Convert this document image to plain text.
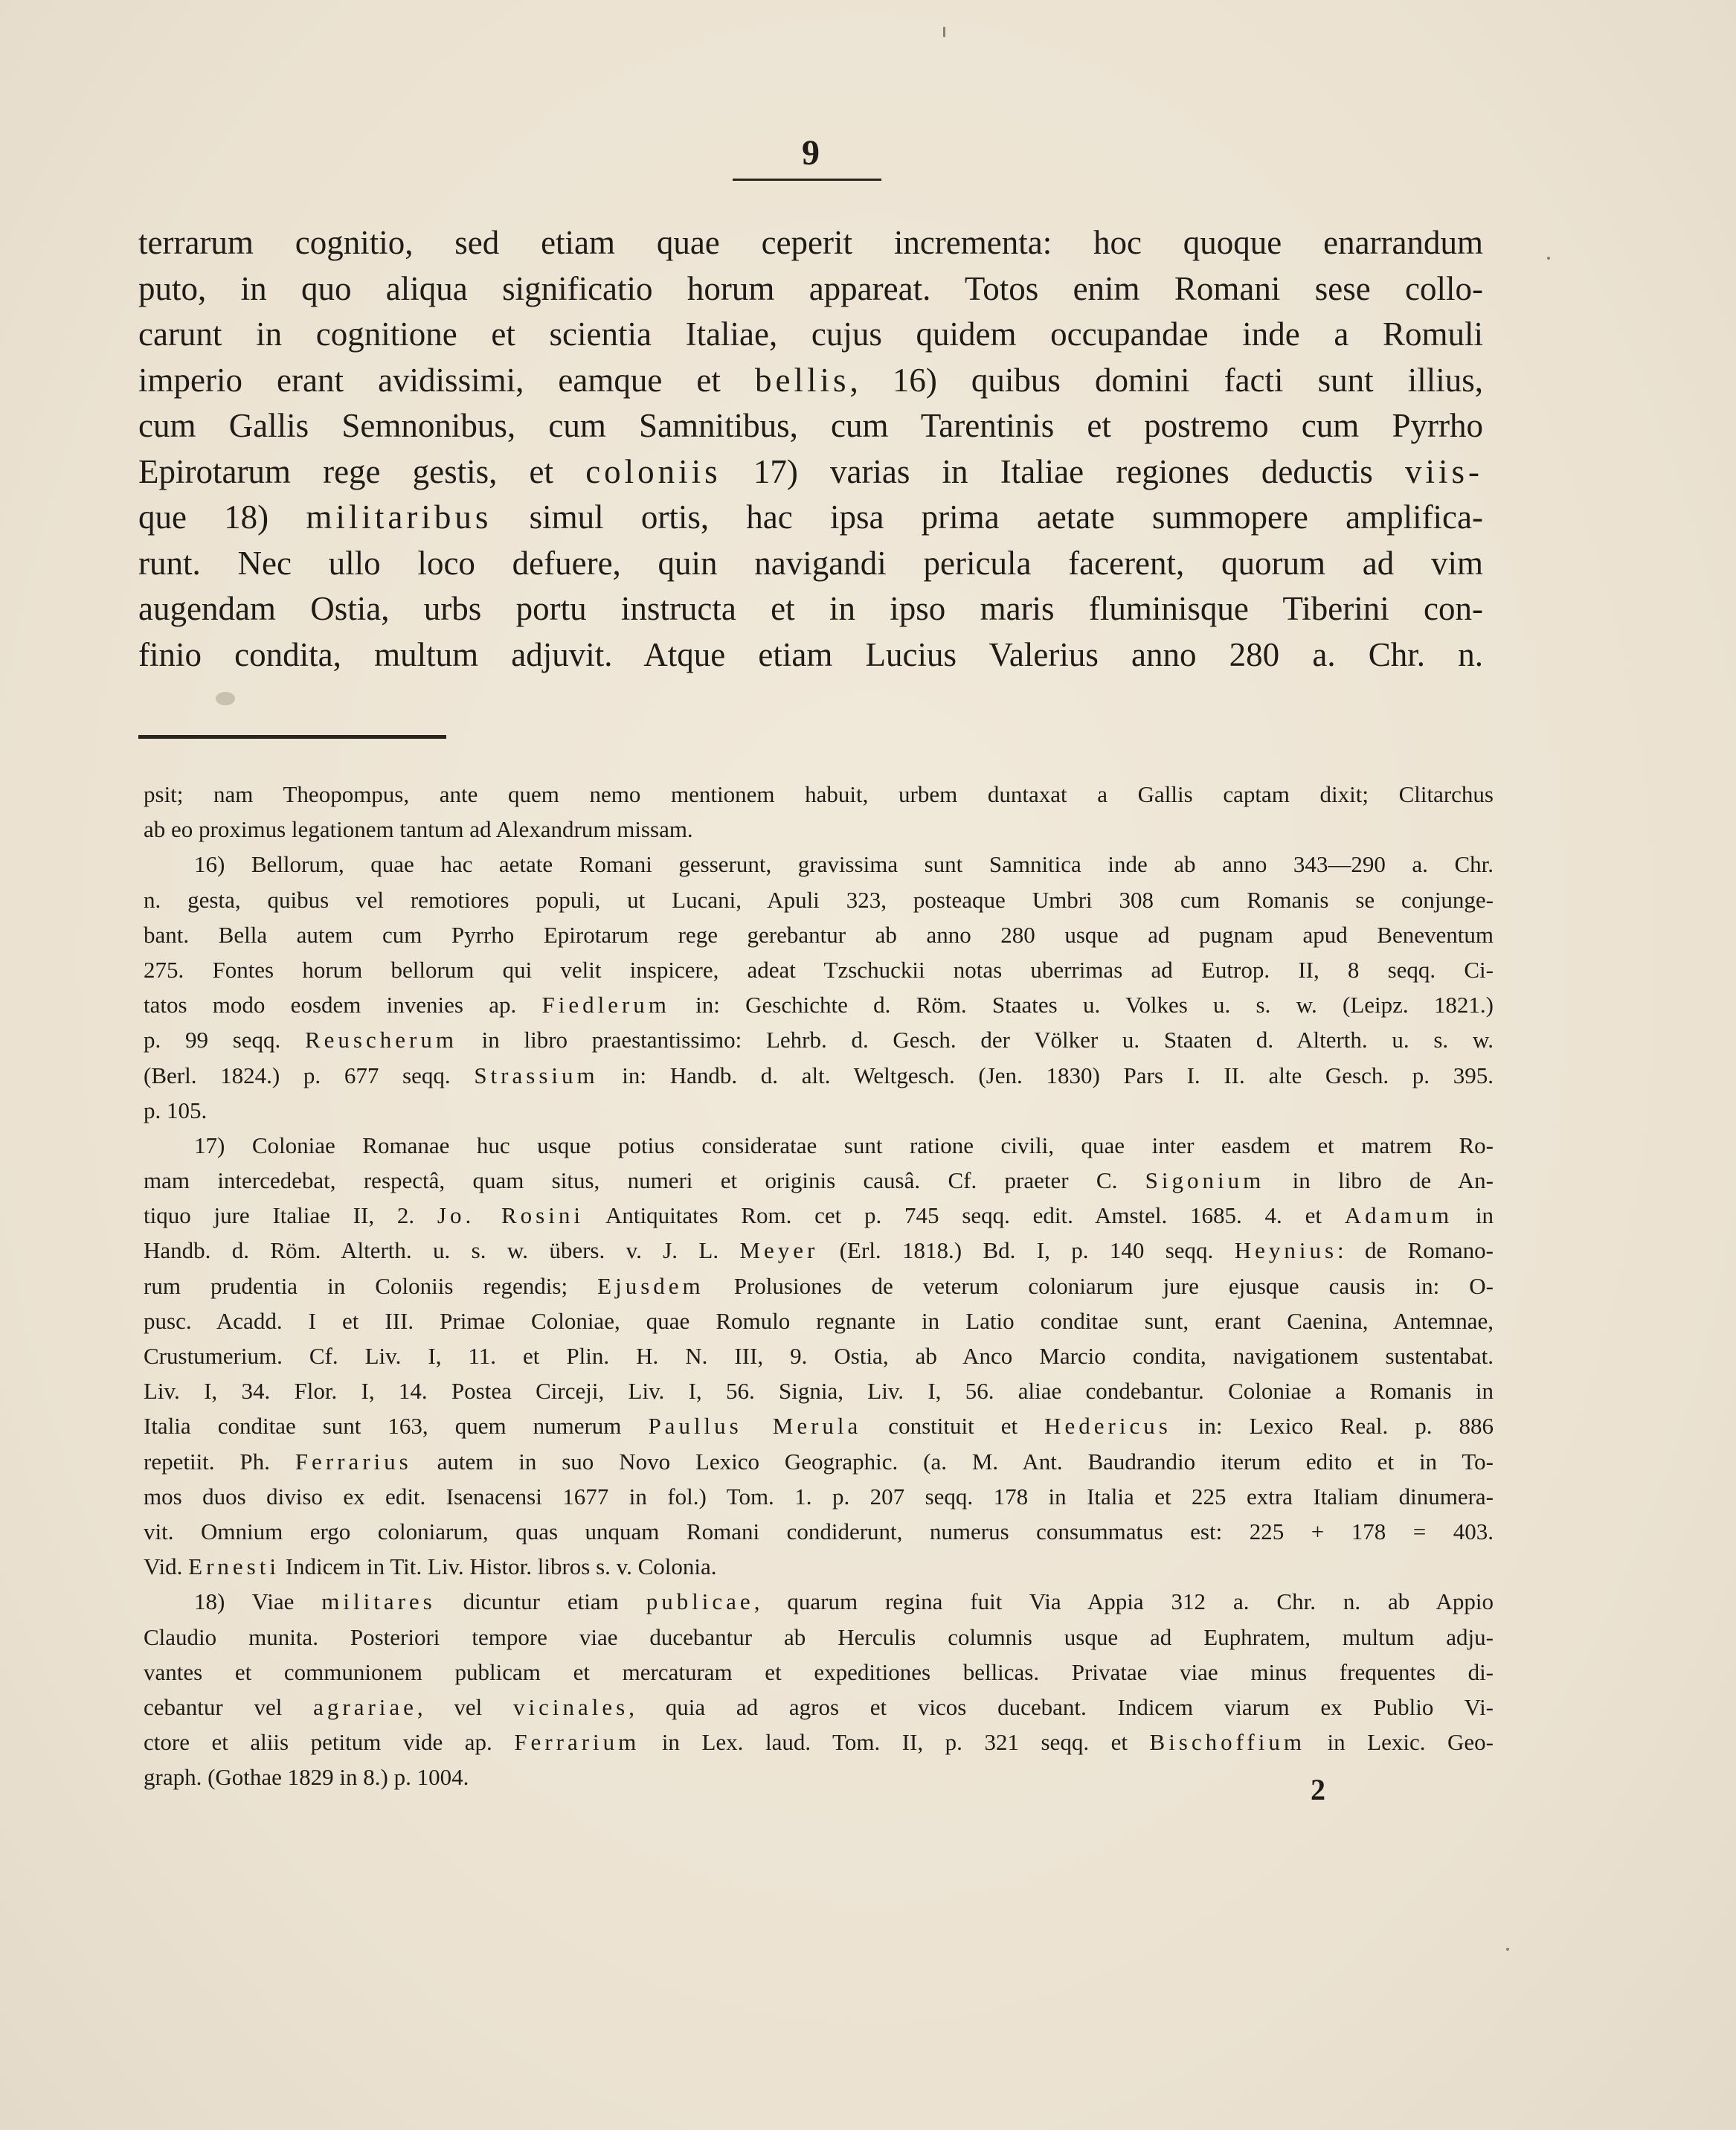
9
terrarum cognitio, sed etiam quae ceperit incrementa: hoc quoque enarrandum
puto, in quo aliqua significatio horum appareat. Totos enim Romani sese collo-
carunt in cognitione et scientia Italiae, cujus quidem occupandae inde a Romuli
imperio erant avidissimi, eamque et bellis, 16) quibus domini facti sunt illius,
cum Gallis Semnonibus, cum Samnitibus, cum Tarentinis et postremo cum Pyrrho
Epirotarum rege gestis, et coloniis 17) varias in Italiae regiones deductis viis-
que 18) militaribus simul ortis, hac ipsa prima aetate summopere amplifica-
runt. Nec ullo loco defuere, quin navigandi pericula facerent, quorum ad vim
augendam Ostia, urbs portu instructa et in ipso maris fluminisque Tiberini con-
finio condita, multum adjuvit. Atque etiam Lucius Valerius anno 280 a. Chr. n.
psit; nam Theopompus, ante quem nemo mentionem habuit, urbem duntaxat a Gallis captam dixit; Clitarchus
ab eo proximus legationem tantum ad Alexandrum missam.
16) Bellorum, quae hac aetate Romani gesserunt, gravissima sunt Samnitica inde ab anno 343—290 a. Chr.
n. gesta, quibus vel remotiores populi, ut Lucani, Apuli 323, posteaque Umbri 308 cum Romanis se conjunge-
bant. Bella autem cum Pyrrho Epirotarum rege gerebantur ab anno 280 usque ad pugnam apud Beneventum
275. Fontes horum bellorum qui velit inspicere, adeat Tzschuckii notas uberrimas ad Eutrop. II, 8 seqq. Ci-
tatos modo eosdem invenies ap. Fiedlerum in: Geschichte d. Röm. Staates u. Volkes u. s. w. (Leipz. 1821.)
p. 99 seqq. Reuscherum in libro praestantissimo: Lehrb. d. Gesch. der Völker u. Staaten d. Alterth. u. s. w.
(Berl. 1824.) p. 677 seqq. Strassium in: Handb. d. alt. Weltgesch. (Jen. 1830) Pars I. II. alte Gesch. p. 395.
p. 105.
17) Coloniae Romanae huc usque potius consideratae sunt ratione civili, quae inter easdem et matrem Ro-
mam intercedebat, respectâ, quam situs, numeri et originis causâ. Cf. praeter C. Sigonium in libro de An-
tiquo jure Italiae II, 2. Jo. Rosini Antiquitates Rom. cet p. 745 seqq. edit. Amstel. 1685. 4. et Adamum in
Handb. d. Röm. Alterth. u. s. w. übers. v. J. L. Meyer (Erl. 1818.) Bd. I, p. 140 seqq. Heynius: de Romano-
rum prudentia in Coloniis regendis; Ejusdem Prolusiones de veterum coloniarum jure ejusque causis in: O-
pusc. Acadd. I et III. Primae Coloniae, quae Romulo regnante in Latio conditae sunt, erant Caenina, Antemnae,
Crustumerium. Cf. Liv. I, 11. et Plin. H. N. III, 9. Ostia, ab Anco Marcio condita, navigationem sustentabat.
Liv. I, 34. Flor. I, 14. Postea Circeji, Liv. I, 56. Signia, Liv. I, 56. aliae condebantur. Coloniae a Romanis in
Italia conditae sunt 163, quem numerum Paullus Merula constituit et Hedericus in: Lexico Real. p. 886
repetiit. Ph. Ferrarius autem in suo Novo Lexico Geographic. (a. M. Ant. Baudrandio iterum edito et in To-
mos duos diviso ex edit. Isenacensi 1677 in fol.) Tom. 1. p. 207 seqq. 178 in Italia et 225 extra Italiam dinumera-
vit. Omnium ergo coloniarum, quas unquam Romani condiderunt, numerus consummatus est: 225 + 178 = 403.
Vid. Ernesti Indicem in Tit. Liv. Histor. libros s. v. Colonia.
18) Viae militares dicuntur etiam publicae, quarum regina fuit Via Appia 312 a. Chr. n. ab Appio
Claudio munita. Posteriori tempore viae ducebantur ab Herculis columnis usque ad Euphratem, multum adju-
vantes et communionem publicam et mercaturam et expeditiones bellicas. Privatae viae minus frequentes di-
cebantur vel agrariae, vel vicinales, quia ad agros et vicos ducebant. Indicem viarum ex Publio Vi-
ctore et aliis petitum vide ap. Ferrarium in Lex. laud. Tom. II, p. 321 seqq. et Bischoffium in Lexic. Geo-
graph. (Gothae 1829 in 8.) p. 1004.	2
